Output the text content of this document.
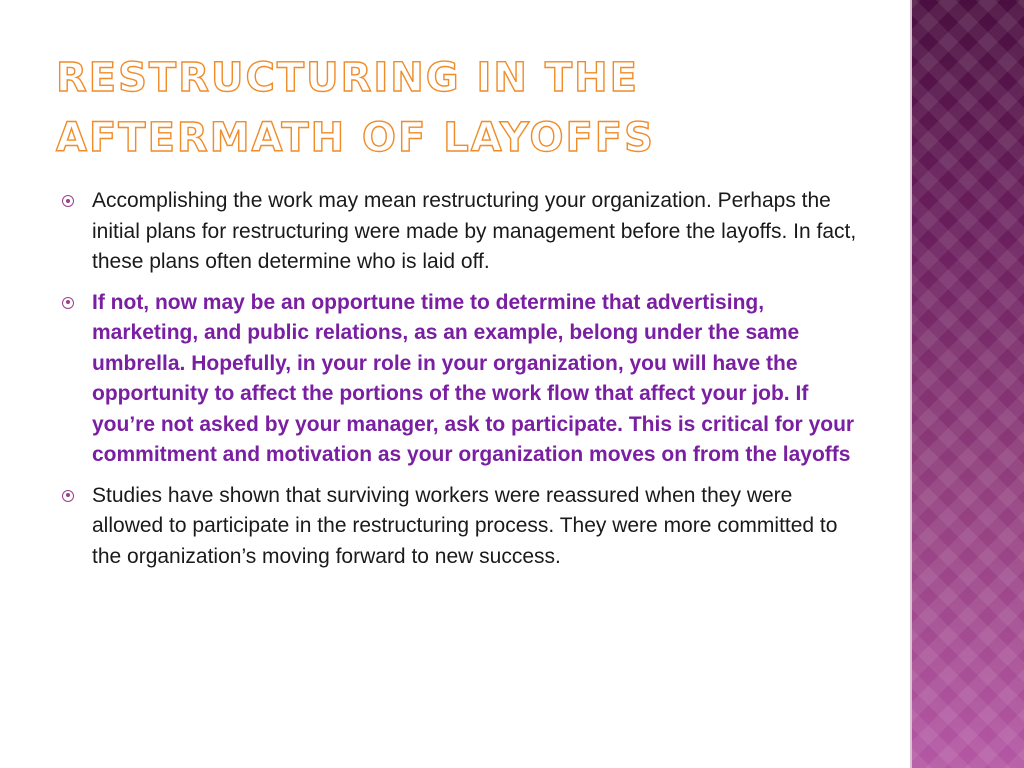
RESTRUCTURING IN THE AFTERMATH OF LAYOFFS
Accomplishing the work may mean restructuring your organization. Perhaps the initial plans for restructuring were made by management before the layoffs. In fact, these plans often determine who is laid off.
If not, now may be an opportune time to determine that advertising, marketing, and public relations, as an example, belong under the same umbrella. Hopefully, in your role in your organization, you will have the opportunity to affect the portions of the work flow that affect your job. If you’re not asked by your manager, ask to participate. This is critical for your commitment and motivation as your organization moves on from the layoffs
Studies have shown that surviving workers were reassured when they were allowed to participate in the restructuring process. They were more committed to the organization’s moving forward to new success.
